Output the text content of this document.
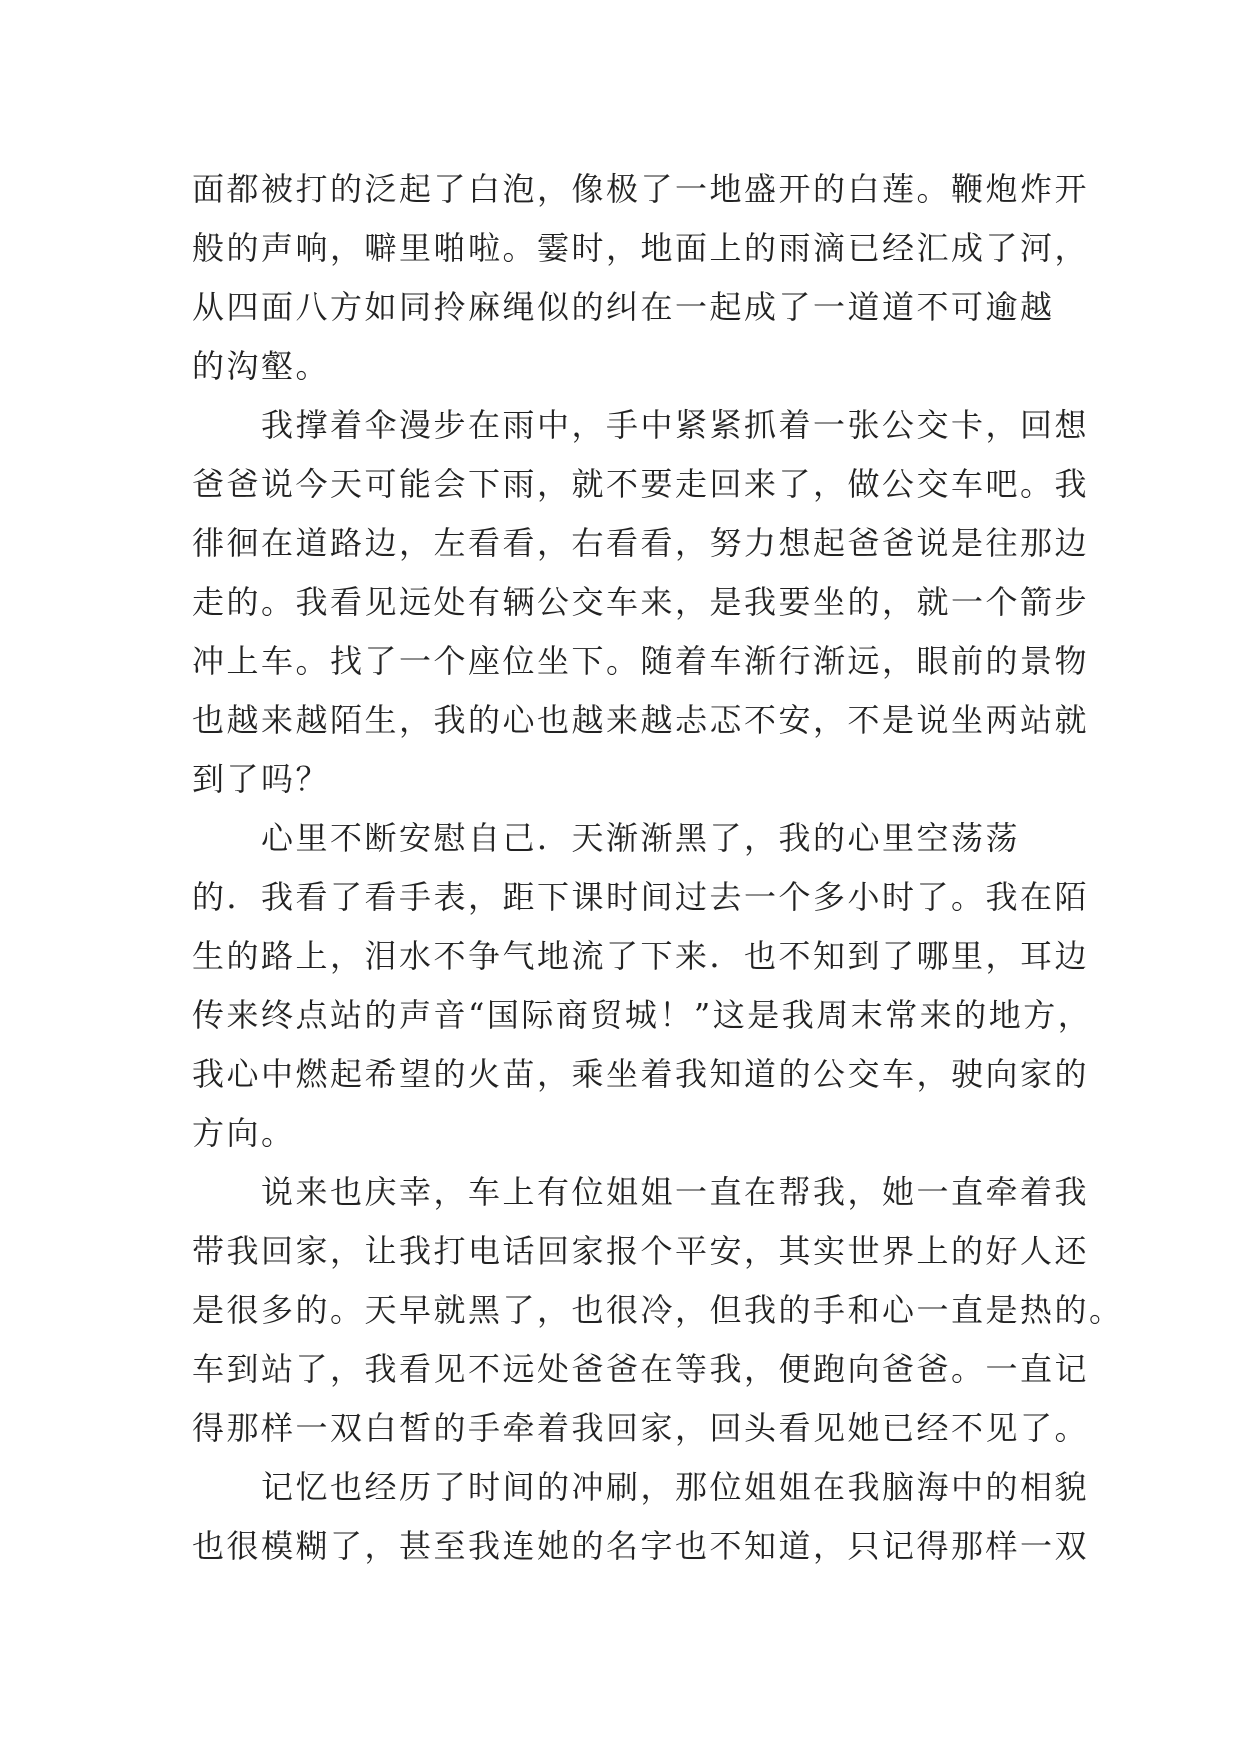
面都被打的泛起了白泡，像极了一地盛开的白莲。鞭炮炸开
般的声响，噼里啪啦。霎时，地面上的雨滴已经汇成了河，
从四面八方如同拎麻绳似的纠在一起成了一道道不可逾越
的沟壑。
　　我撑着伞漫步在雨中，手中紧紧抓着一张公交卡，回想
爸爸说今天可能会下雨，就不要走回来了，做公交车吧。我
徘徊在道路边，左看看，右看看，努力想起爸爸说是往那边
走的。我看见远处有辆公交车来，是我要坐的，就一个箭步
冲上车。找了一个座位坐下。随着车渐行渐远，眼前的景物
也越来越陌生，我的心也越来越忐忑不安，不是说坐两站就
到了吗？
　　心里不断安慰自己．天渐渐黑了，我的心里空荡荡
的．我看了看手表，距下课时间过去一个多小时了。我在陌
生的路上，泪水不争气地流了下来．也不知到了哪里，耳边
传来终点站的声音“国际商贸城！”这是我周末常来的地方，
我心中燃起希望的火苗，乘坐着我知道的公交车，驶向家的
方向。
　　说来也庆幸，车上有位姐姐一直在帮我，她一直牵着我
带我回家，让我打电话回家报个平安，其实世界上的好人还
是很多的。天早就黑了，也很冷，但我的手和心一直是热的。
车到站了，我看见不远处爸爸在等我，便跑向爸爸。一直记
得那样一双白皙的手牵着我回家，回头看见她已经不见了。
　　记忆也经历了时间的冲刷，那位姐姐在我脑海中的相貌
也很模糊了，甚至我连她的名字也不知道，只记得那样一双
